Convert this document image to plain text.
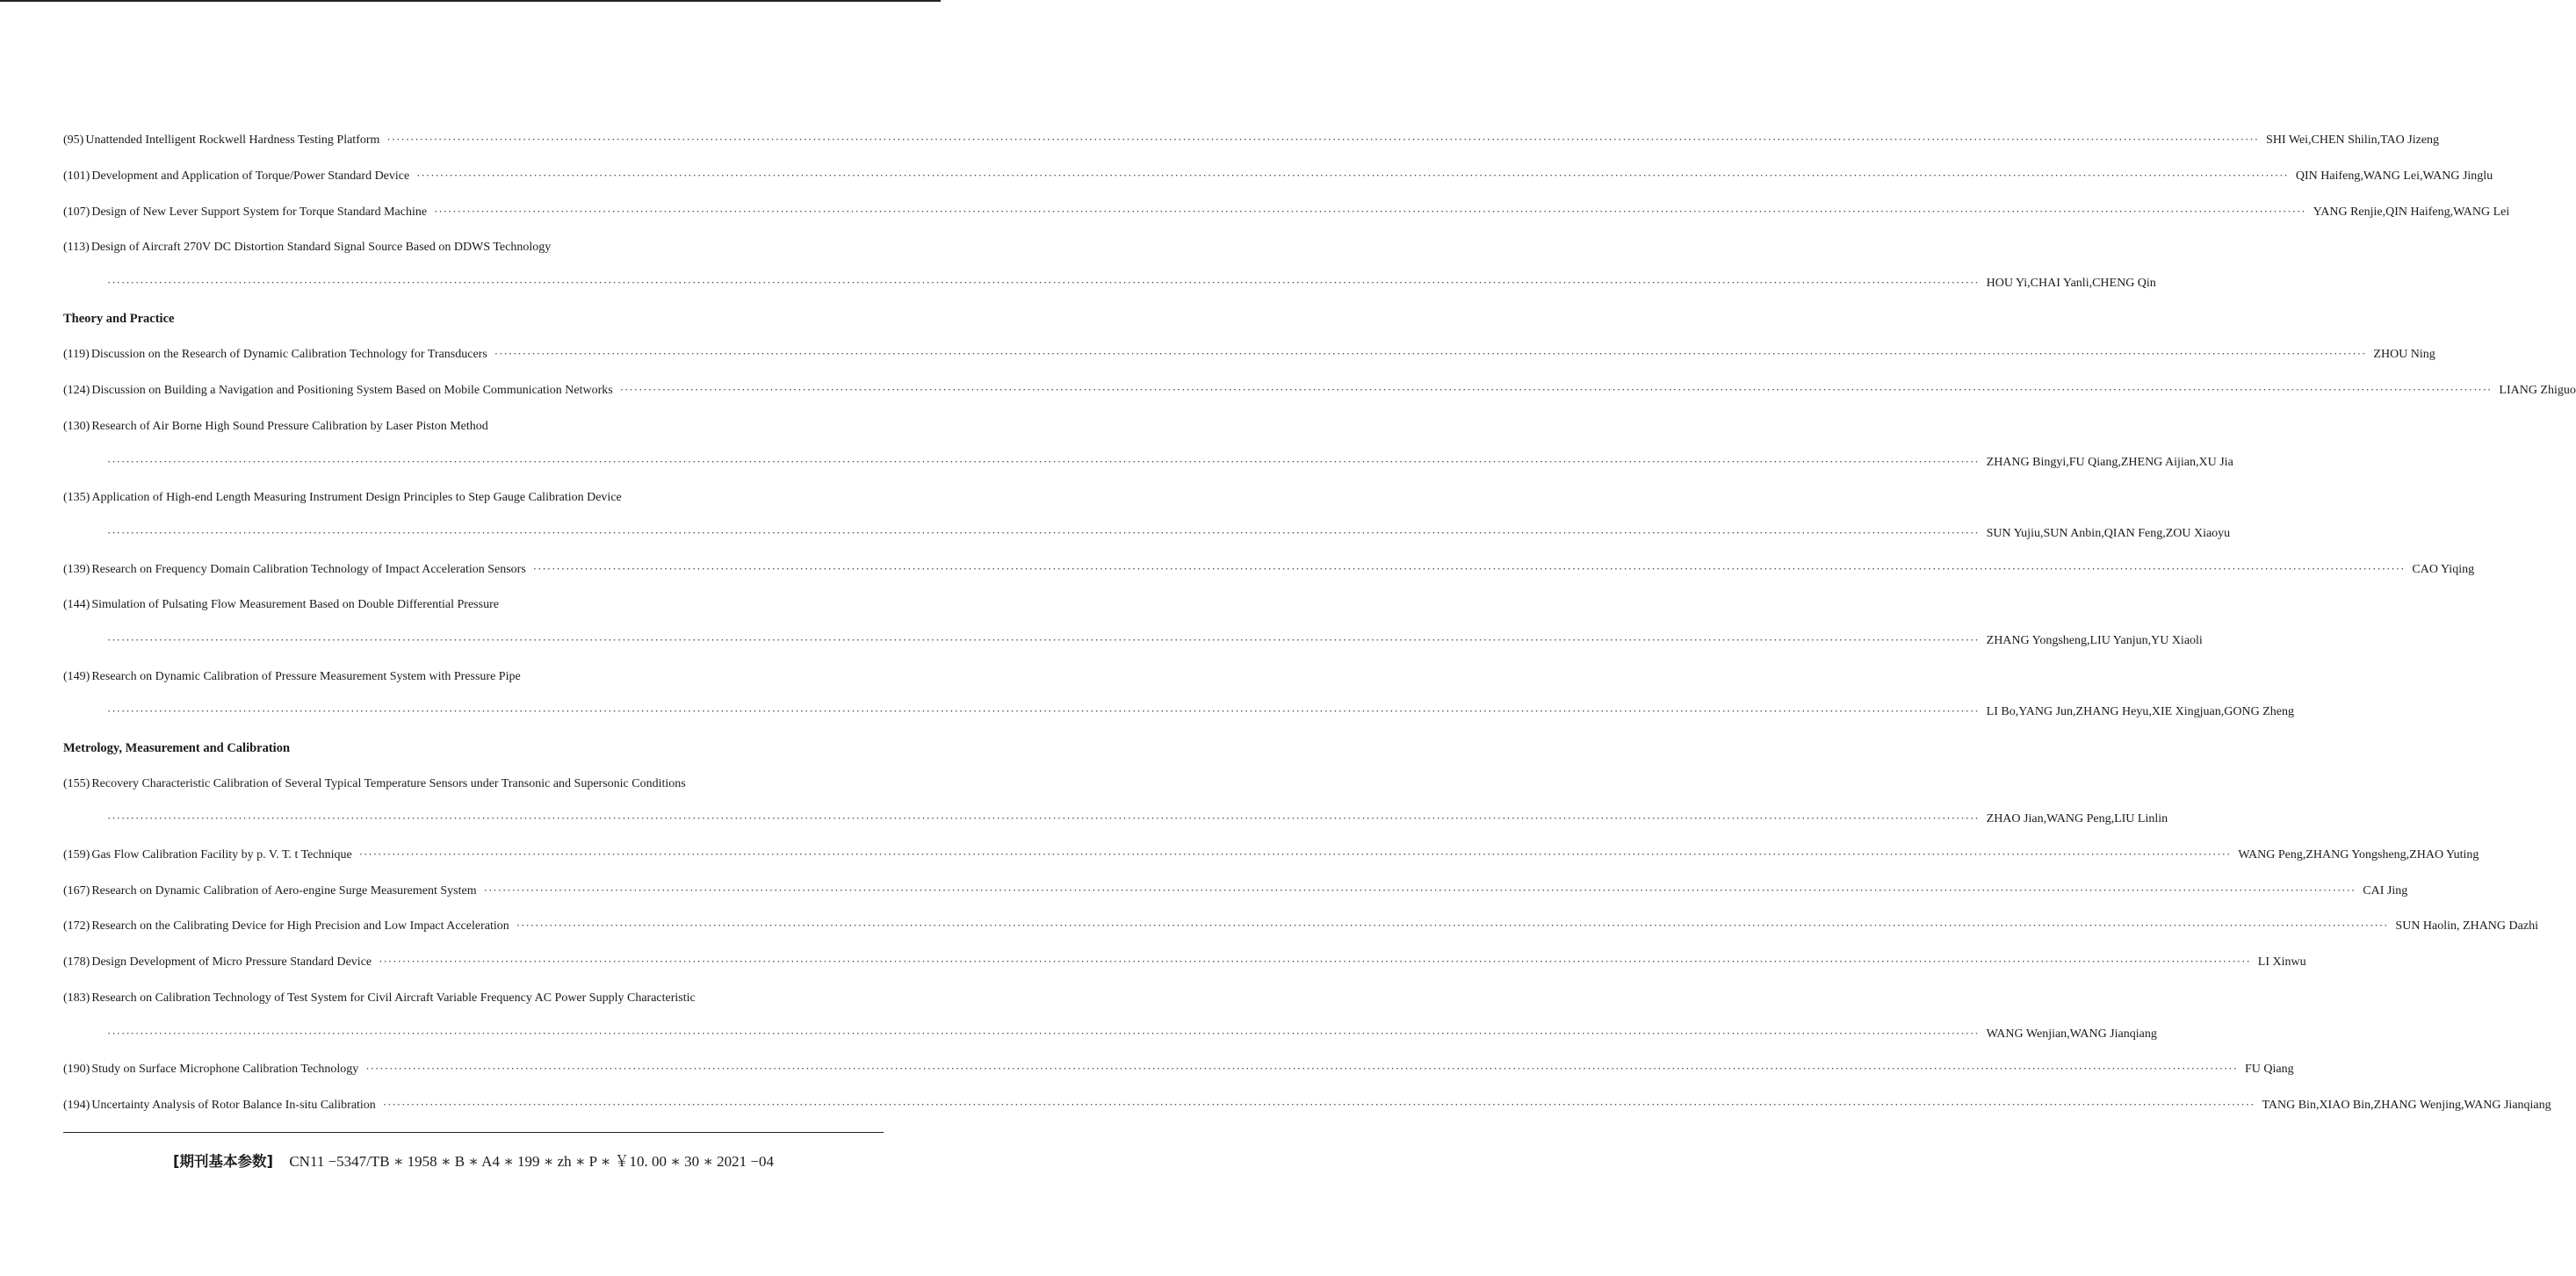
(95) Unattended Intelligent Rockwell Hardness Testing Platform ················································································································································································································································································································································································································ SHI Wei,CHEN Shilin,TAO Jizeng
(101) Development and Application of Torque/Power Standard Device ················································································································································································································································································································································································································ QIN Haifeng,WANG Lei,WANG Jinglu
(107) Design of New Lever Support System for Torque Standard Machine ················································································································································································································································································································································································································ YANG Renjie,QIN Haifeng,WANG Lei
(113) Design of Aircraft 270V DC Distortion Standard Signal Source Based on DDWS Technology
················································································································································································································································································································································································································ HOU Yi,CHAI Yanli,CHENG Qin
Theory and Practice
(119) Discussion on the Research of Dynamic Calibration Technology for Transducers ················································································································································································································································································································································································································ ZHOU Ning
(124) Discussion on Building a Navigation and Positioning System Based on Mobile Communication Networks ················································································································································································································································································································································································································ LIANG Zhiguo
(130) Research of Air Borne High Sound Pressure Calibration by Laser Piston Method
················································································································································································································································································································································································································ ZHANG Bingyi,FU Qiang,ZHENG Aijian,XU Jia
(135) Application of High-end Length Measuring Instrument Design Principles to Step Gauge Calibration Device
················································································································································································································································································································································································································ SUN Yujiu,SUN Anbin,QIAN Feng,ZOU Xiaoyu
(139) Research on Frequency Domain Calibration Technology of Impact Acceleration Sensors ················································································································································································································································································································································································································ CAO Yiqing
(144) Simulation of Pulsating Flow Measurement Based on Double Differential Pressure
················································································································································································································································································································································································································ ZHANG Yongsheng,LIU Yanjun,YU Xiaoli
(149) Research on Dynamic Calibration of Pressure Measurement System with Pressure Pipe
················································································································································································································································································································································································································ LI Bo,YANG Jun,ZHANG Heyu,XIE Xingjuan,GONG Zheng
Metrology, Measurement and Calibration
(155) Recovery Characteristic Calibration of Several Typical Temperature Sensors under Transonic and Supersonic Conditions
················································································································································································································································································································································································································ ZHAO Jian,WANG Peng,LIU Linlin
(159) Gas Flow Calibration Facility by p. V. T. t Technique ················································································································································································································································································································································································································ WANG Peng,ZHANG Yongsheng,ZHAO Yuting
(167) Research on Dynamic Calibration of Aero-engine Surge Measurement System ················································································································································································································································································································································································································ CAI Jing
(172) Research on the Calibrating Device for High Precision and Low Impact Acceleration ················································································································································································································································································································································································································ SUN Haolin, ZHANG Dazhi
(178) Design Development of Micro Pressure Standard Device ················································································································································································································································································································································································································ LI Xinwu
(183) Research on Calibration Technology of Test System for Civil Aircraft Variable Frequency AC Power Supply Characteristic
················································································································································································································································································································································································································ WANG Wenjian,WANG Jianqiang
(190) Study on Surface Microphone Calibration Technology ················································································································································································································································································································································································································ FU Qiang
(194) Uncertainty Analysis of Rotor Balance In-situ Calibration ················································································································································································································································································································································································································ TANG Bin,XIAO Bin,ZHANG Wenjing,WANG Jianqiang
[期刊基本参数] CN11 −5347/TB ∗ 1958 ∗ B ∗ A4 ∗ 199 ∗ zh ∗ P ∗ ￥10. 00 ∗ 30 ∗ 2021 −04
